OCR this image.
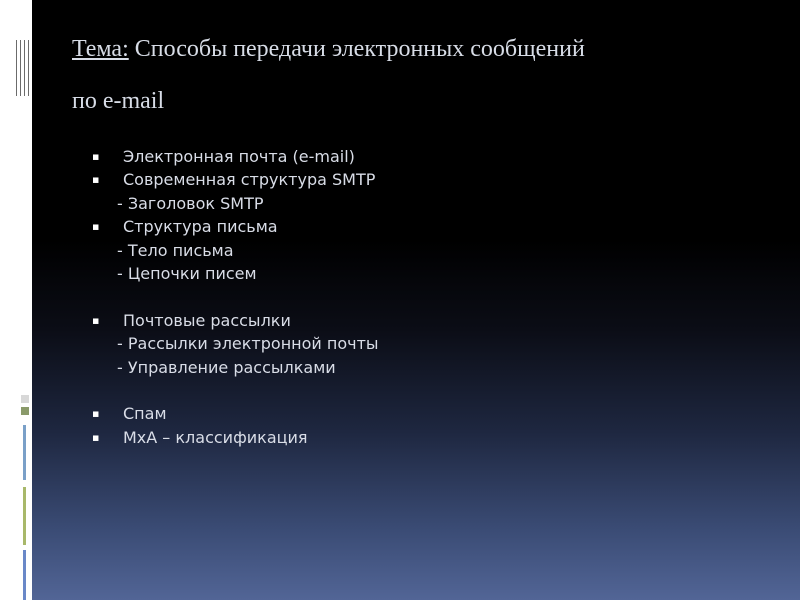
Тема: Способы передачи электронных сообщений
по e-mail
▪ Электронная почта (e-mail)
▪ Современная структура SMTP
- Заголовок SMTP
▪ Структура письма
- Тело письма
- Цепочки писем
▪ Почтовые рассылки
- Рассылки электронной почты
- Управление рассылками
▪ Спам
▪ MxA – классификация
